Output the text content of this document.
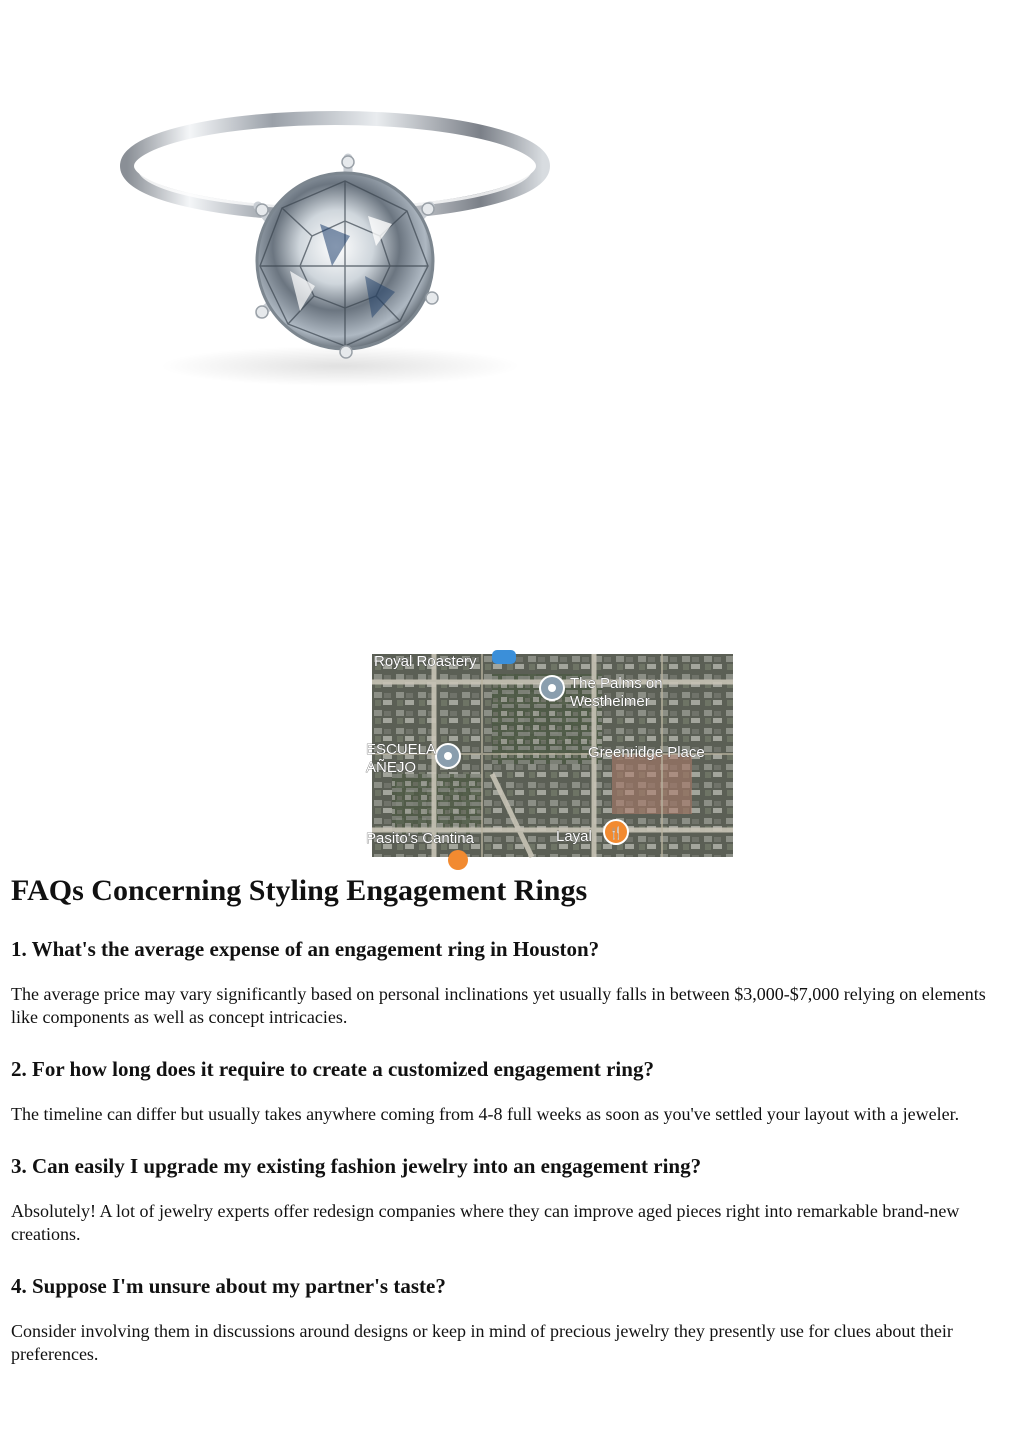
🍴
Royal Roastery
The Palms on
Westheimer
ESCUELA
AÑEJO
Greenridge Place
Pasito's Cantina	Layal
FAQs Concerning Styling Engagement Rings
1. What's the average expense of an engagement ring in Houston?

The average price may vary significantly based on personal inclinations yet usually falls in between $3,000-$7,000 relying on elements like components as well as concept intricacies.

2. For how long does it require to create a customized engagement ring?

The timeline can differ but usually takes anywhere coming from 4-8 full weeks as soon as you've settled your layout with a jeweler.

3. Can easily I upgrade my existing fashion jewelry into an engagement ring?

Absolutely! A lot of jewelry experts offer redesign companies where they can improve aged pieces right into remarkable brand-new creations.

4. Suppose I'm unsure about my partner's taste?

Consider involving them in discussions around designs or keep in mind of precious jewelry they presently use for clues about their preferences.
